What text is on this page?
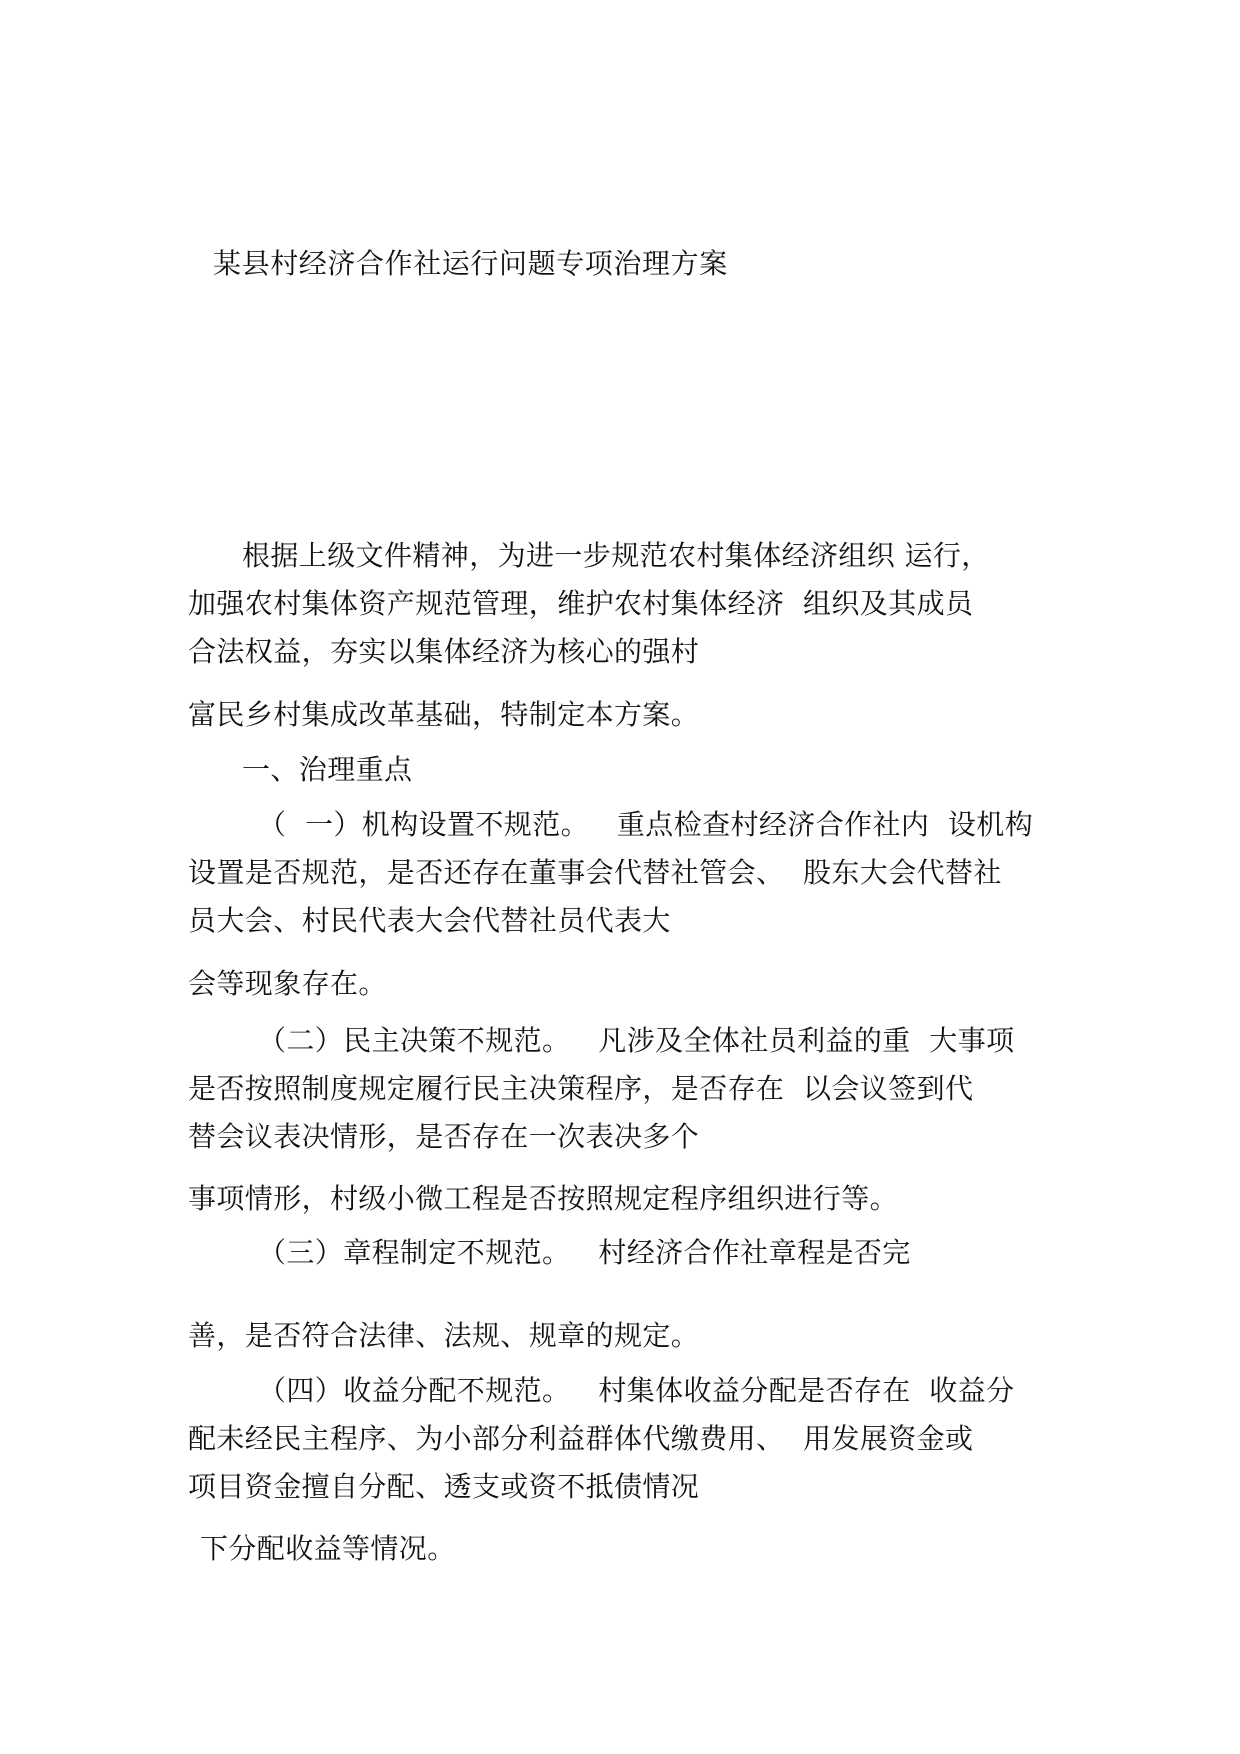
某县村经济合作社运行问题专项治理方案
根据上级文件精神，为进一步规范农村集体经济组织 运行，
加强农村集体资产规范管理，维护农村集体经济  组织及其成员
合法权益，夯实以集体经济为核心的强村
富民乡村集成改革基础，特制定本方案。
一、治理重点
（  一）机构设置不规范。   重点检查村经济合作社内  设机构
设置是否规范，是否还存在董事会代替社管会、  股东大会代替社
员大会、村民代表大会代替社员代表大
会等现象存在。
（二）民主决策不规范。   凡涉及全体社员利益的重  大事项
是否按照制度规定履行民主决策程序，是否存在  以会议签到代
替会议表决情形，是否存在一次表决多个
事项情形，村级小微工程是否按照规定程序组织进行等。
（三）章程制定不规范。   村经济合作社章程是否完
善，是否符合法律、法规、规章的规定。
（四）收益分配不规范。   村集体收益分配是否存在  收益分
配未经民主程序、为小部分利益群体代缴费用、  用发展资金或
项目资金擅自分配、透支或资不抵债情况
下分配收益等情况。
